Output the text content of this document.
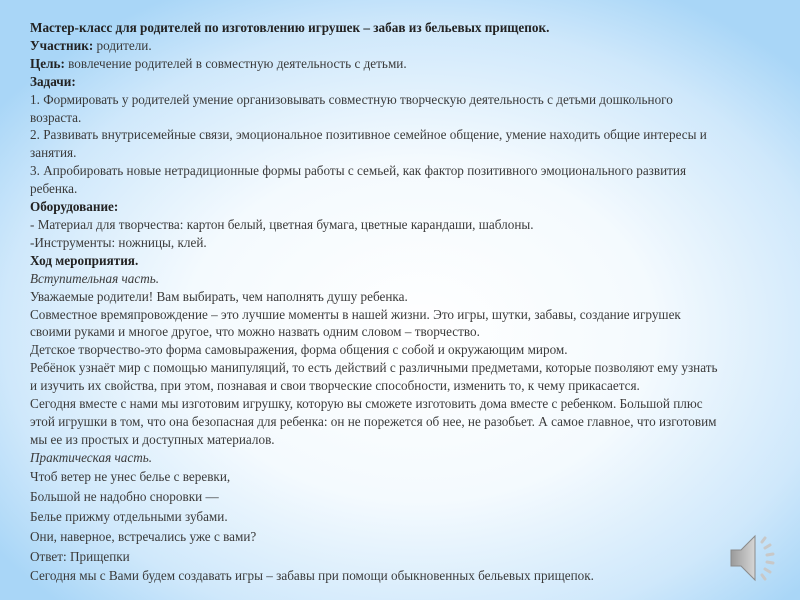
Мастер-класс для родителей по изготовлению игрушек – забав из бельевых прищепок.
Участник: родители.
Цель: вовлечение родителей в совместную деятельность с детьми.
Задачи:
1. Формировать у родителей умение организовывать совместную творческую деятельность с детьми дошкольного
возраста.
2. Развивать внутрисемейные связи, эмоциональное позитивное семейное общение, умение находить общие интересы и
занятия.
3. Апробировать новые нетрадиционные формы работы с семьей, как фактор позитивного эмоционального развития
ребенка.
Оборудование:
- Материал для творчества: картон белый, цветная бумага, цветные карандаши, шаблоны.
-Инструменты: ножницы, клей.
Ход мероприятия.
Вступительная часть.
Уважаемые родители! Вам выбирать, чем наполнять душу ребенка.
Совместное времяпровождение – это лучшие моменты в нашей жизни. Это игры, шутки, забавы, создание игрушек
своими руками и многое другое, что можно назвать одним словом – творчество.
Детское творчество-это форма самовыражения, форма общения с собой и окружающим миром.
Ребёнок узнаёт мир с помощью манипуляций, то есть действий с различными предметами, которые позволяют ему узнать
и изучить их свойства, при этом, познавая и свои творческие способности, изменить то, к чему прикасается.
Сегодня вместе с нами мы изготовим игрушку, которую вы сможете изготовить дома вместе с ребенком. Большой плюс
этой игрушки в том, что она безопасная для ребенка: он не порежется об нее, не разобьет. А самое главное, что изготовим
мы ее из простых и доступных материалов.
Практическая часть.
Чтоб ветер не унес белье с веревки,
Большой не надобно сноровки —
Белье прижму отдельными зубами.
Они, наверное, встречались уже с вами?
Ответ: Прищепки
Сегодня мы с Вами будем создавать игры – забавы при помощи обыкновенных бельевых прищепок.
